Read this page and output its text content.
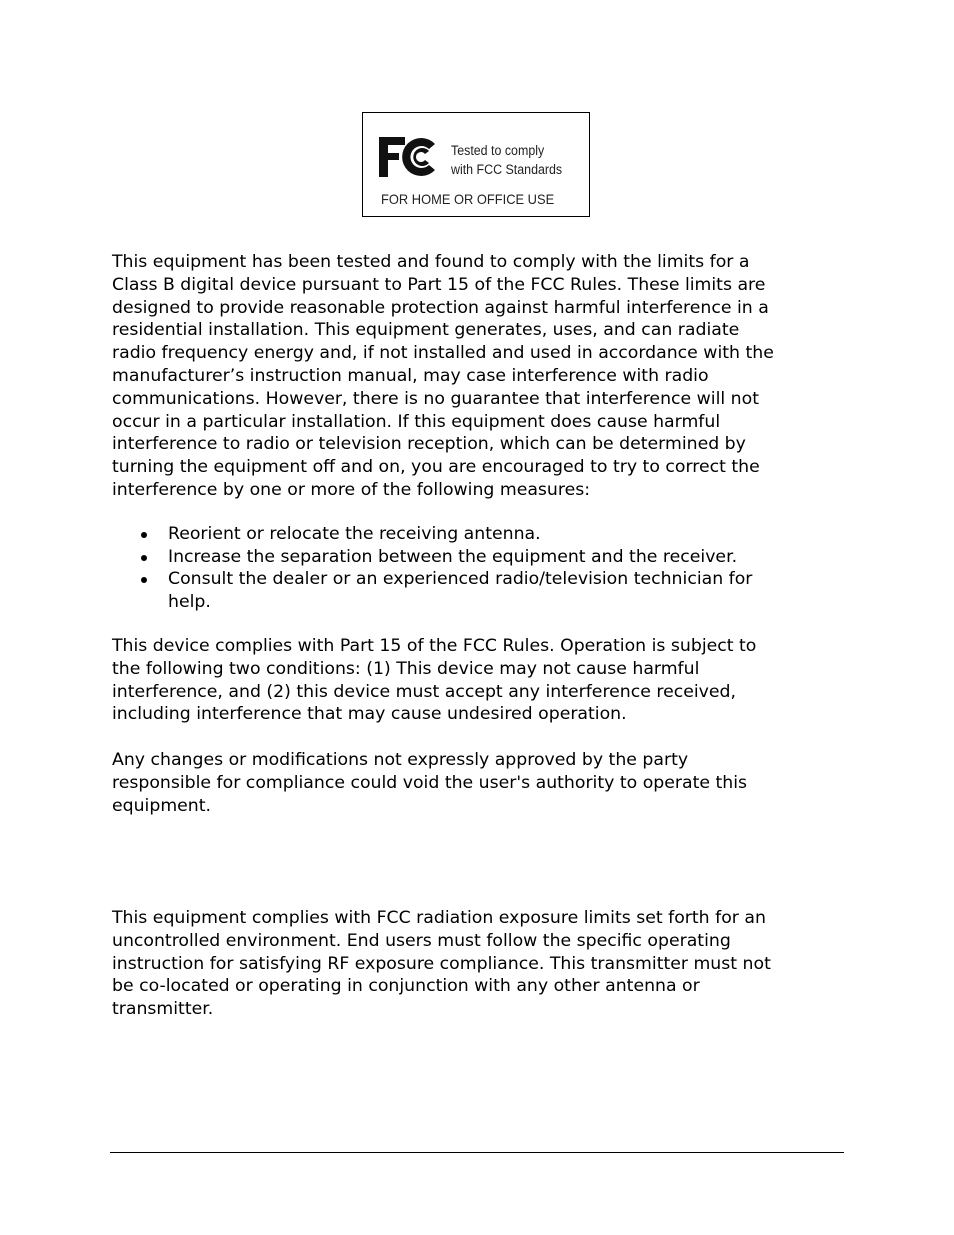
Tested to comply
with FCC Standards
FOR HOME OR OFFICE USE

This equipment has been tested and found to comply with the limits for a
Class B digital device pursuant to Part 15 of the FCC Rules. These limits are
designed to provide reasonable protection against harmful interference in a
residential installation. This equipment generates, uses, and can radiate
radio frequency energy and, if not installed and used in accordance with the
manufacturer’s instruction manual, may case interference with radio
communications. However, there is no guarantee that interference will not
occur in a particular installation. If this equipment does cause harmful
interference to radio or television reception, which can be determined by
turning the equipment off and on, you are encouraged to try to correct the
interference by one or more of the following measures:

Reorient or relocate the receiving antenna.
Increase the separation between the equipment and the receiver.
Consult the dealer or an experienced radio/television technician for
help.

This device complies with Part 15 of the FCC Rules. Operation is subject to
the following two conditions: (1) This device may not cause harmful
interference, and (2) this device must accept any interference received,
including interference that may cause undesired operation.

Any changes or modifications not expressly approved by the party
responsible for compliance could void the user's authority to operate this
equipment.

This equipment complies with FCC radiation exposure limits set forth for an
uncontrolled environment. End users must follow the specific operating
instruction for satisfying RF exposure compliance. This transmitter must not
be co-located or operating in conjunction with any other antenna or
transmitter.
